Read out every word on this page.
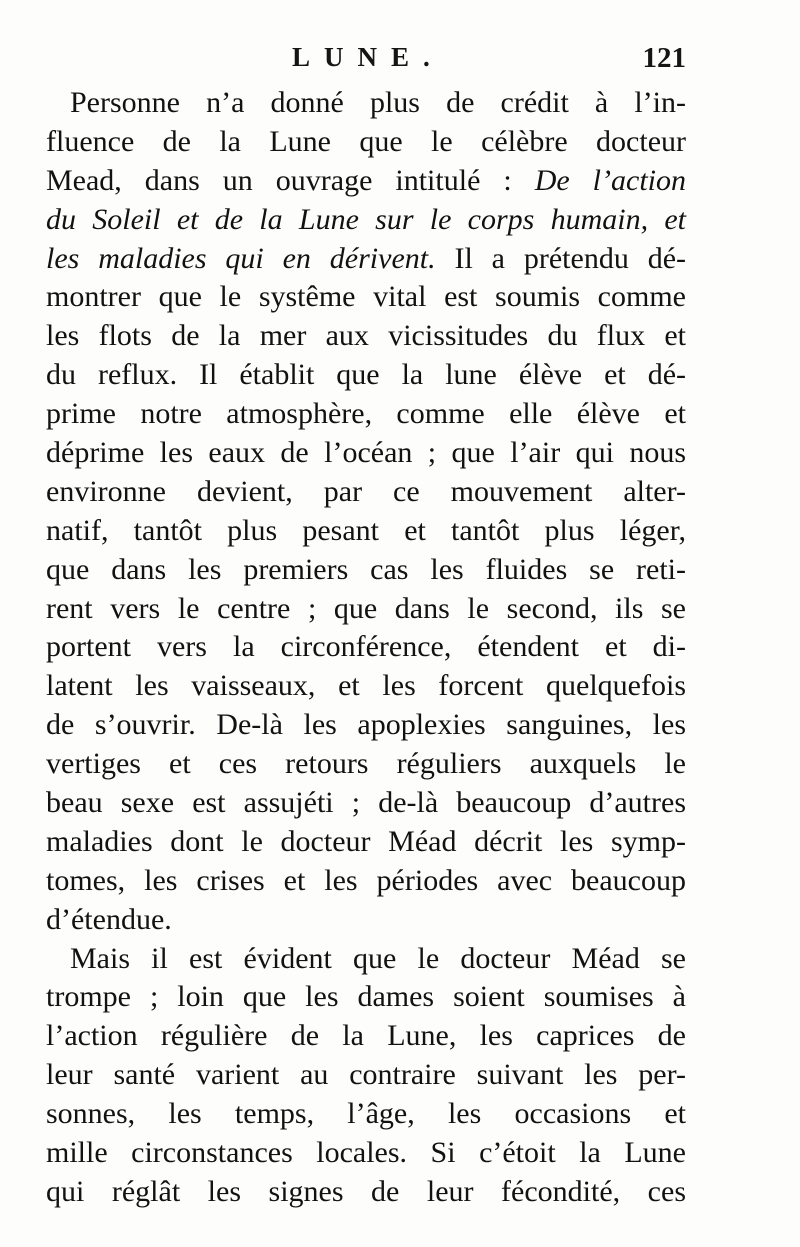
LUNE.	121
Personne n’a donné plus de crédit à l’in-
fluence de la Lune que le célèbre docteur
Mead, dans un ouvrage intitulé : De l’action
du Soleil et de la Lune sur le corps humain, et
les maladies qui en dérivent. Il a prétendu dé-
montrer que le systême vital est soumis comme
les flots de la mer aux vicissitudes du flux et
du reflux. Il établit que la lune élève et dé-
prime notre atmosphère, comme elle élève et
déprime les eaux de l’océan ; que l’air qui nous
environne devient, par ce mouvement alter-
natif, tantôt plus pesant et tantôt plus léger,
que dans les premiers cas les fluides se reti-
rent vers le centre ; que dans le second, ils se
portent vers la circonférence, étendent et di-
latent les vaisseaux, et les forcent quelquefois
de s’ouvrir. De-là les apoplexies sanguines, les
vertiges et ces retours réguliers auxquels le
beau sexe est assujéti ; de-là beaucoup d’autres
maladies dont le docteur Méad décrit les symp-
tomes, les crises et les périodes avec beaucoup
d’étendue.
Mais il est évident que le docteur Méad se
trompe ; loin que les dames soient soumises à
l’action régulière de la Lune, les caprices de
leur santé varient au contraire suivant les per-
sonnes, les temps, l’âge, les occasions et
mille circonstances locales. Si c’étoit la Lune
qui réglât les signes de leur fécondité, ces
